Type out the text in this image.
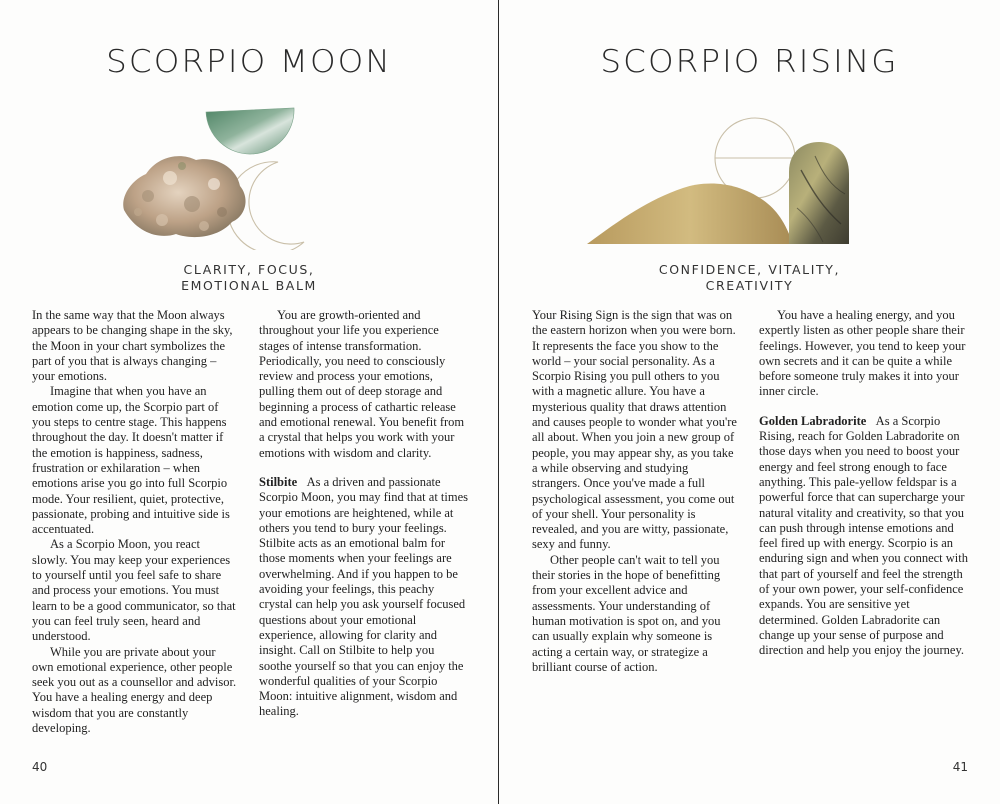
SCORPIO MOON
CLARITY, FOCUS,
EMOTIONAL BALM

In the same way that the Moon always appears to be changing shape in the sky, the Moon in your chart symbolizes the part of you that is always changing – your emotions.

Imagine that when you have an emotion come up, the Scorpio part of you steps to centre stage. This happens throughout the day. It doesn't matter if the emotion is happiness, sadness, frustration or exhilaration – when emotions arise you go into full Scorpio mode. Your resilient, quiet, protective, passionate, probing and intuitive side is accentuated.

As a Scorpio Moon, you react slowly. You may keep your experiences to yourself until you feel safe to share and process your emotions. You must learn to be a good communicator, so that you can feel truly seen, heard and understood.

While you are private about your own emotional experience, other people seek you out as a counsellor and advisor. You have a healing energy and deep wisdom that you are constantly developing.

You are growth-oriented and throughout your life you experience stages of intense transformation. Periodically, you need to consciously review and process your emotions, pulling them out of deep storage and beginning a process of cathartic release and emotional renewal. You benefit from a crystal that helps you work with your emotions with wisdom and clarity.

Stilbite As a driven and passionate Scorpio Moon, you may find that at times your emotions are heightened, while at others you tend to bury your feelings. Stilbite acts as an emotional balm for those moments when your feelings are overwhelming. And if you happen to be avoiding your feelings, this peachy crystal can help you ask yourself focused questions about your emotional experience, allowing for clarity and insight. Call on Stilbite to help you soothe yourself so that you can enjoy the wonderful qualities of your Scorpio Moon: intuitive alignment, wisdom and healing.

40
SCORPIO RISING
CONFIDENCE, VITALITY,
CREATIVITY

Your Rising Sign is the sign that was on the eastern horizon when you were born. It represents the face you show to the world – your social personality. As a Scorpio Rising you pull others to you with a magnetic allure. You have a mysterious quality that draws attention and causes people to wonder what you're all about. When you join a new group of people, you may appear shy, as you take a while observing and studying strangers. Once you've made a full psychological assessment, you come out of your shell. Your personality is revealed, and you are witty, passionate, sexy and funny.

Other people can't wait to tell you their stories in the hope of benefitting from your excellent advice and assessments. Your understanding of human motivation is spot on, and you can usually explain why someone is acting a certain way, or strategize a brilliant course of action.

You have a healing energy, and you expertly listen as other people share their feelings. However, you tend to keep your own secrets and it can be quite a while before someone truly makes it into your inner circle.

Golden Labradorite As a Scorpio Rising, reach for Golden Labradorite on those days when you need to boost your energy and feel strong enough to face anything. This pale-yellow feldspar is a powerful force that can supercharge your natural vitality and creativity, so that you can push through intense emotions and feel fired up with energy. Scorpio is an enduring sign and when you connect with that part of yourself and feel the strength of your own power, your self-confidence expands. You are sensitive yet determined. Golden Labradorite can change up your sense of purpose and direction and help you enjoy the journey.

41
